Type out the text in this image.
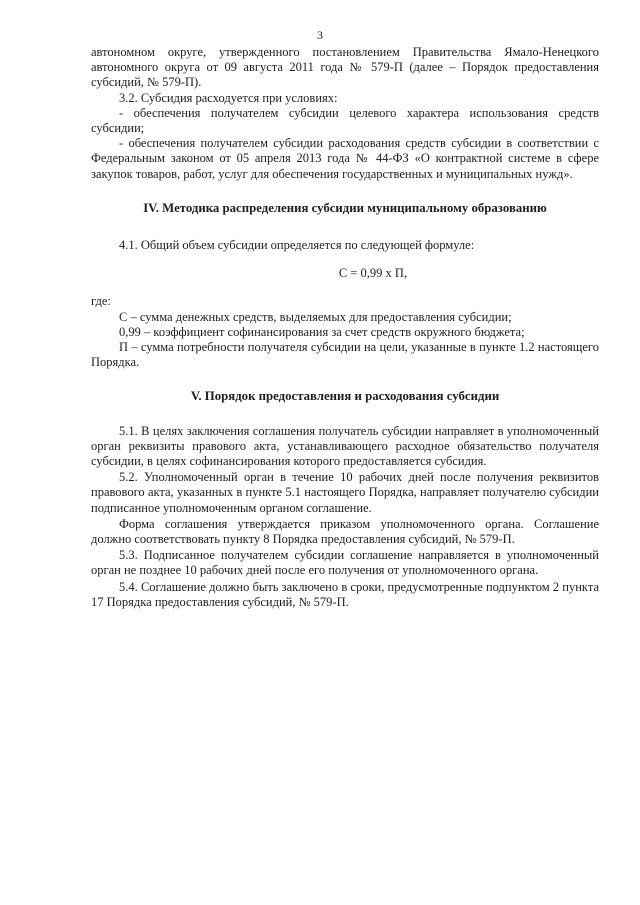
3

автономном округе, утвержденного постановлением Правительства Ямало-Ненецкого автономного округа от 09 августа 2011 года № 579-П (далее – Порядок предоставления субсидий, № 579-П).

3.2. Субсидия расходуется при условиях:

- обеспечения получателем субсидии целевого характера использования средств субсидии;

- обеспечения получателем субсидии расходования средств субсидии в соответствии с Федеральным законом от 05 апреля 2013 года № 44-ФЗ «О контрактной системе в сфере закупок товаров, работ, услуг для обеспечения государственных и муниципальных нужд».

IV. Методика распределения субсидии муниципальному образованию

4.1. Общий объем субсидии определяется по следующей формуле:

С = 0,99 х П,

где:

С – сумма денежных средств, выделяемых для предоставления субсидии;

0,99 – коэффициент софинансирования за счет средств окружного бюджета;

П – сумма потребности получателя субсидии на цели, указанные в пункте 1.2 настоящего Порядка.

V. Порядок предоставления и расходования субсидии

5.1. В целях заключения соглашения получатель субсидии направляет в уполномоченный орган реквизиты правового акта, устанавливающего расходное обязательство получателя субсидии, в целях софинансирования которого предоставляется субсидия.

5.2. Уполномоченный орган в течение 10 рабочих дней после получения реквизитов правового акта, указанных в пункте 5.1 настоящего Порядка, направляет получателю субсидии подписанное уполномоченным органом соглашение.

Форма соглашения утверждается приказом уполномоченного органа. Соглашение должно соответствовать пункту 8 Порядка предоставления субсидий, № 579-П.

5.3. Подписанное получателем субсидии соглашение направляется в уполномоченный орган не позднее 10 рабочих дней после его получения от уполномоченного органа.

5.4. Соглашение должно быть заключено в сроки, предусмотренные подпунктом 2 пункта 17 Порядка предоставления субсидий, № 579-П.
